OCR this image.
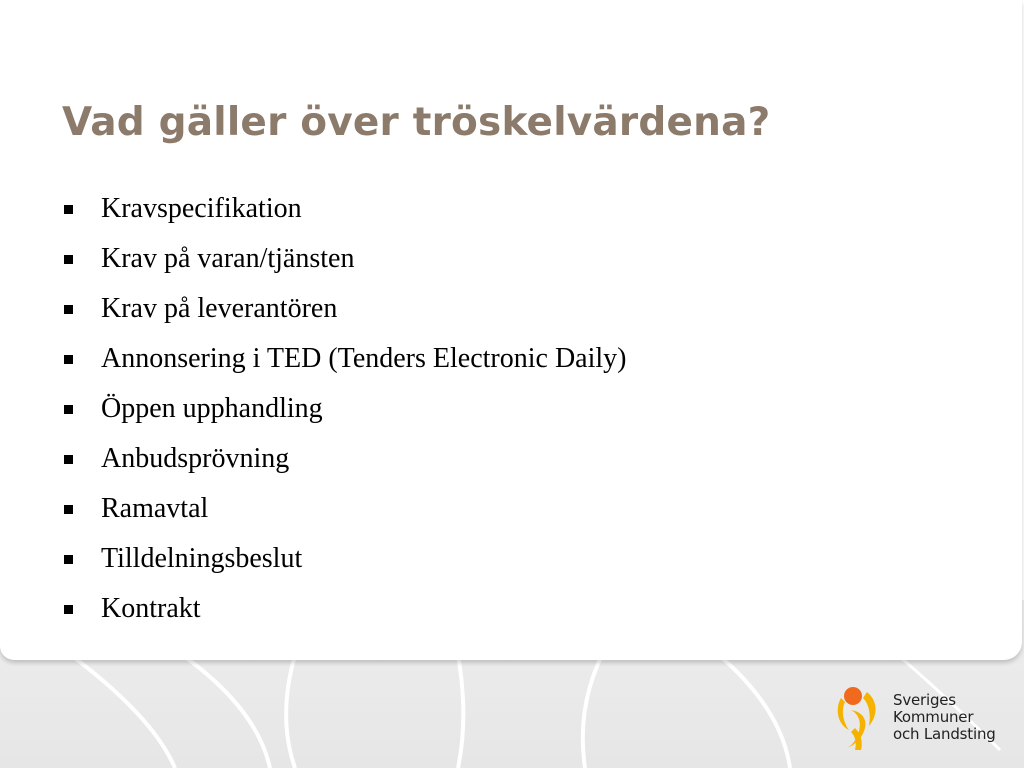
Vad gäller över tröskelvärdena?
Kravspecifikation
Krav på varan/tjänsten
Krav på leverantören
Annonsering i TED (Tenders Electronic Daily)
Öppen upphandling
Anbudsprövning
Ramavtal
Tilldelningsbeslut
Kontrakt
Sveriges
Kommuner
och Landsting
